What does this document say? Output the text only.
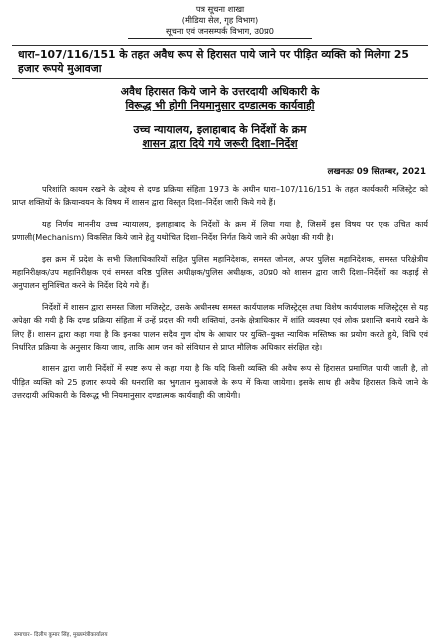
पत्र सूचना शाखा
(मीडिया सेल, गृह विभाग)
सूचना एवं जनसम्पर्क विभाग, उ0प्र0
धारा–107/116/151 के तहत अवैध रूप से हिरासत पाये जाने पर पीड़ित व्यक्ति को मिलेगा 25 हजार रूपये मुआवजा
अवैध हिरासत किये जाने के उत्तरदायी अधिकारी के
विरूद्ध भी होगी नियमानुसार दण्डात्मक कार्यवाही
उच्च न्यायालय, इलाहाबाद के निर्देशों के क्रम
शासन द्वारा दिये गये जरूरी दिशा–निर्देश
लखनऊः 09 सितम्बर, 2021
परिशांति कायम रखने के उद्देश्य से दण्ड प्रक्रिया संहिता 1973 के अधीन धारा–107/116/151 के तहत कार्यकारी मजिस्ट्रेट को प्राप्त शक्तियों के क्रियान्वयन के विषय में शासन द्वारा विस्तृत दिशा–निर्देश जारी किये गये हैं।
यह निर्णय माननीय उच्च न्यायालय, इलाहाबाद के निर्देशों के क्रम में लिया गया है, जिसमें इस विषय पर एक उचित कार्य प्रणाली(Mechanism) विकसित किये जाने हेतु यथोचित दिशा–निर्देश निर्गत किये जाने की अपेक्षा की गयी है।
इस क्रम में प्रदेश के सभी जिलाधिकारियों सहित पुलिस महानिदेशक, समस्त जोनल, अपर पुलिस महानिदेशक, समस्त परिक्षेत्रीय महानिरीक्षक/उप महानिरीक्षक एवं समस्त वरिष्ठ पुलिस अधीक्षक/पुलिस अधीक्षक, उ0प्र0 को शासन द्वारा जारी दिशा–निर्देशों का कड़ाई से अनुपालन सुनिश्चित करने के निर्देश दिये गये हैं।
निर्देशों में शासन द्वारा समस्त जिला मजिस्ट्रेट, उसके अधीनस्थ समस्त कार्यपालक मजिस्ट्रेट्स तथा विशेष कार्यपालक मजिस्ट्रेट्स से यह अपेक्षा की गयी है कि दण्ड प्रक्रिया संहिता में उन्हें प्रदत्त की गयी शक्तियां, उनके क्षेत्राधिकार में शांति व्यवस्था एवं लोक प्रशान्ति बनाये रखने के लिए हैं। शासन द्वारा कहा गया है कि इनका पालन सदैव गुण दोष के आधार पर युक्ति–युक्त न्यायिक मस्तिष्क का प्रयोग करते हुये, विधि एवं निर्धारित प्रक्रिया के अनुसार किया जाय, ताकि आम जन को संविधान से प्राप्त मौलिक अधिकार संरक्षित रहे।
शासन द्वारा जारी निर्देशों में स्पष्ट रूप से कहा गया है कि यदि किसी व्यक्ति की अवैध रूप से हिरासत प्रमाणित पायी जाती है, तो पीड़ित व्यक्ति को 25 हजार रूपये की धनराशि का भुगतान मुआवजे के रूप में किया जायेगा। इसके साथ ही अवैध हिरासत किये जाने के उत्तरदायी अधिकारी के विरूद्ध भी नियमानुसार दण्डात्मक कार्यवाही की जायेगी।
समाचार– दिलीप कुमार सिंह, मुख्यमंत्रीकार्यालय
